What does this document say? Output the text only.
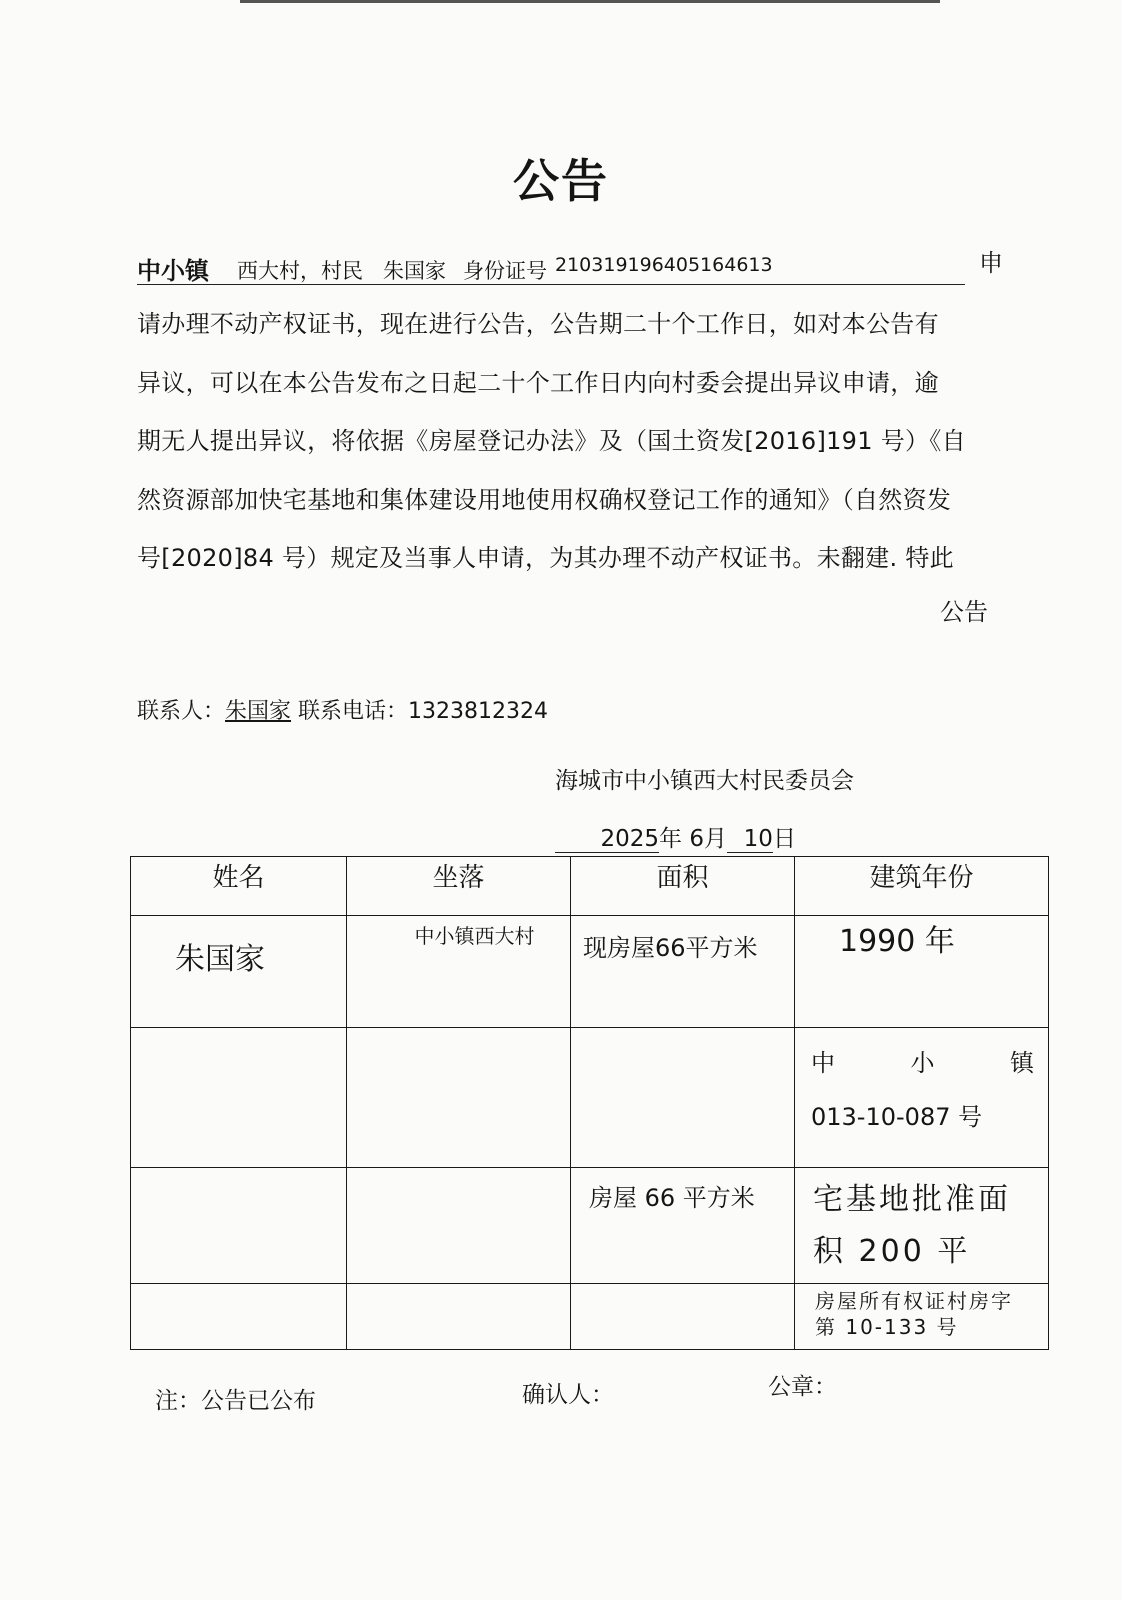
公告
中小镇 西大村，村民 朱国家 身份证号 210319196405164613	申

请办理不动产权证书，现在进行公告，公告期二十个工作日，如对本公告有

异议，可以在本公告发布之日起二十个工作日内向村委会提出异议申请，逾

期无人提出异议，将依据《房屋登记办法》及（国土资发[2016]191 号）《自

然资源部加快宅基地和集体建设用地使用权确权登记工作的通知》（自然资发

号[2020]84 号）规定及当事人申请，为其办理不动产权证书。未翻建. 特此

公告
联系人：朱国家 联系电话：1323812324
海城市中小镇西大村民委员会
2025年 6月 10日
姓名	坐落	面积	建筑年份
朱国家	中小镇西大村	现房屋66平方米	1990 年

			中 小 镇
013-10-087 号

		房屋 66 平方米	宅基地批准面
积 200 平

			房屋所有权证村房字
第 10-133 号
注：公告已公布	确认人：	公章：
